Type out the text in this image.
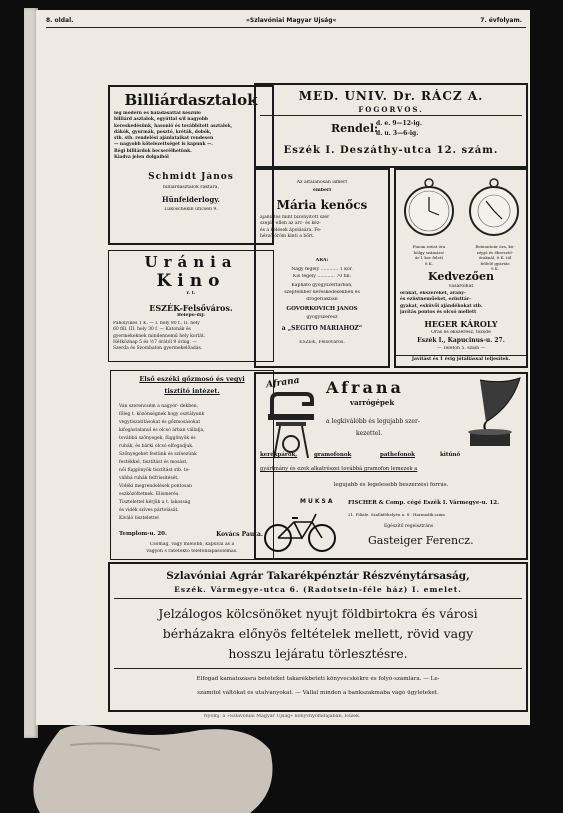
8. oldal.	»Szlavóniai Magyar Ujság«	7. évfolyam.
Billiárdasztalok
leg modern és haladásáttal készülő
billiárd asztalok, egyúttal s/d nagyobb
kereskedésünk, hasonló és továbbított asztalok,
dákók, gyurmák, posztó, kréták, dobók,
stb. stb. rendelési ajánlataikat rendesen
— nagyobb kötelezettséget is kapunk —.
Régi billiárdok becserélhetünk.
Kiadva jelen dolgaiból
Schmidt János
billiárdasztalok raktára,
Hünfelderlogy.
Lukoschekin uticsen 9.
MED. UNIV. Dr. RÁCZ A.
FOGORVOS.
Rendel:
d. e. 9—12-ig.
d. u. 3—6-ig.
Eszék I. Deszáthy-utca 12. szám.
Uránia
Kino
r. t.
ESZÉK-Felsőváros.
Belépő-díj:
Páholyülés 1 K. — I. hely 80 f., II. hely
60 fill. III. hely 30 f. — Katonák és
gyermekeknek mindennemű hely korlát.
Hétköznap 5 és ½7 órától 9 óráig. —
Szerda és Szombaton gyermekelőadás.
Az általánosan ismert
emberi
Mária kenőcs
ajánlatos mint bizonyított szer
szeplő ellen az arc- és kéz-
és a kelések ápolására. Fe-
hérző öröm kinti a bőrt.
ÁRA:
Nagy tégely ............ 1 kor.
Kis tégely ............ 70 fill.
Kapható gyógyszertárban,
szeptember kereskedésekben és
drogériákban
GOVORKOVICH JÁNOS
gyógyszerész
a „SEGÍTŐ MÁRIÁHOZ“
ESZÉK, Felsőváros.
Finom ezüst óra
hölgy számára!
ár 1 kor felett
8 K.
Remontoár óra, kö-
zépjó és ébresztő-
óraknál, 6 K. tól
felfelé gyártás
9 K.
Kedvezően
vásárolhat
órákat, ékszereket, arany-
és ezüstneműeket, ezüsttár-
gyakat, esküvői ajándékokat stb.
javítás pontos és olcsó mellett
HEGER KÁROLY
Órás és ékszerész, tőzsde
Eszék I., Kapucinus-u. 27.
— Telefon 5. szám —
Javítást és 1 évig jótállással teljesítek.
Első eszéki gőzmosó és vegyi
tisztító intézet.
Van szerencsém a nagyér- dekben,
főleg t. közönségnek hogy osztályunk
vegytiszatításokat és gőzmosásokat
kifogástalanul és olcsó árban vállalja,
továbbá szőnyegek, függönyök és
ruhák, és bárki olcsó elfogadjuk.
Szőnyegeket festünk és színezünk
festékkel, tisztítást és mosást,
női függönyök tisztítást stb. to-
vábbá ruhák felfrissítését,
Vidéki megrendelések pontosan
eszközöltetnek. Elismerés.
Tisztelettel kérjük a t. lakosság
és vidék szíves pártolását.
Kiváló tisztelettel
Templom-u. 20.	Kovács Pauta.
Csomag, vagy mielőbb, kapuval ás á
vagyon s rátétektő telefonlapásolomás.
Afrana Afrana
varrógépek
a legkiválóbb és legujabb szer-
kezettel.
kerékpárok,	gramofonok	pathefonok	kitűnő
gyártmány és ezek alkatrészei továbbá gramofon lemezek a
legujabb és legelesebb beszerzési forrás.
MUKSA FISCHER & Comp. cégé Eszék I. Vármegye-u. 12.
21. Filiale. Szalláfőhelyén u. 8 · Harmadik szám
Egészítő regeisztráns
Gasteiger Ferencz.
Szlavóniai Agrár Takarékpénztár Részvénytársaság,
Eszék. Vármegye-utca 6. (Radotsein-féle ház) I. emelet.
Jelzálogos kölcsönöket nyujt földbirtokra és városi
bérházakra előnyös feltételek mellett, rövid vagy
hosszu lejáratu törlesztésre.
Elfogad kamatozásra betéteket takarékbetéti könyvecskékre és folyó-számlára. — Le-
számítol váltókat és utalványokat. — Vállal minden a bankszakmába vágó ügyleteket.
Nyomj. a »Szlavóniai Magyar Ujság« könyvnyomdájában, Eszék.
